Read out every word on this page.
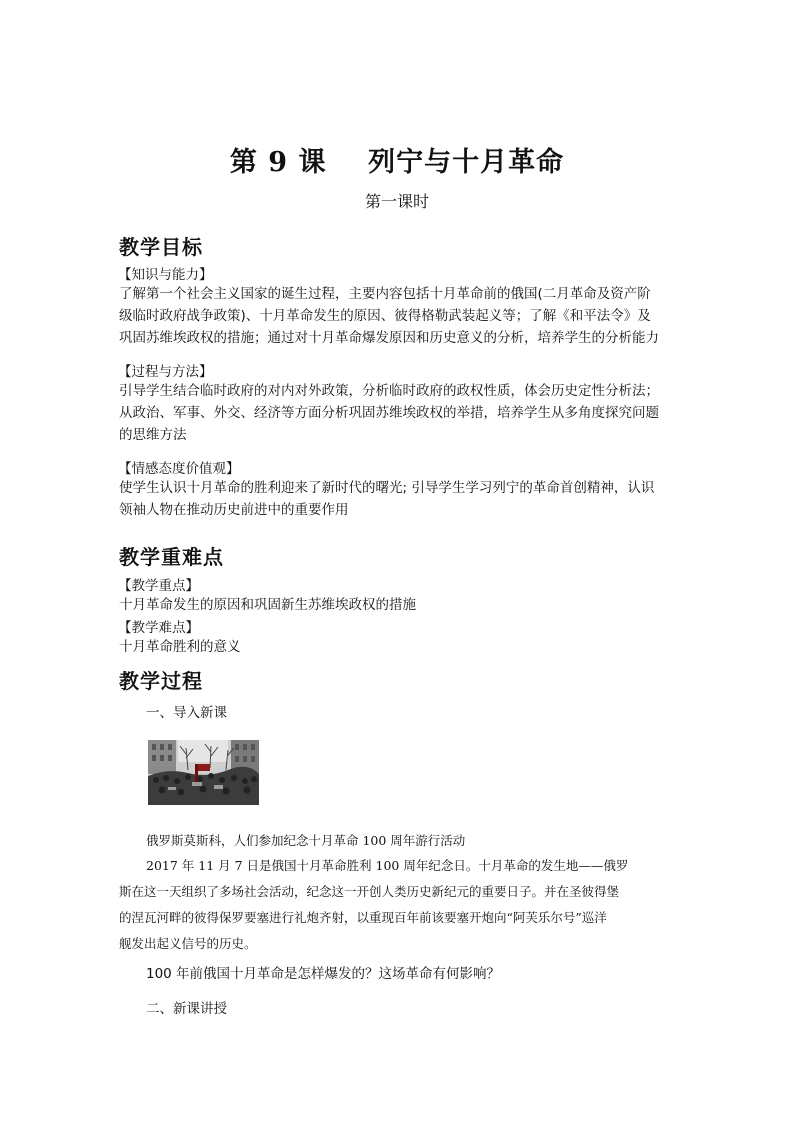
第 9 课    列宁与十月革命
第一课时
教学目标
【知识与能力】
了解第一个社会主义国家的诞生过程，主要内容包括十月革命前的俄国(二月革命及资产阶
级临时政府战争政策)、十月革命发生的原因、彼得格勒武装起义等；了解《和平法令》及
巩固苏维埃政权的措施；通过对十月革命爆发原因和历史意义的分析，培养学生的分析能力
【过程与方法】
引导学生结合临时政府的对内对外政策，分析临时政府的政权性质，体会历史定性分析法；
从政治、军事、外交、经济等方面分析巩固苏维埃政权的举措，培养学生从多角度探究问题
的思维方法
【情感态度价值观】
使学生认识十月革命的胜利迎来了新时代的曙光; 引导学生学习列宁的革命首创精神，认识
领袖人物在推动历史前进中的重要作用
教学重难点
【教学重点】
十月革命发生的原因和巩固新生苏维埃政权的措施
【教学难点】
十月革命胜利的意义
教学过程
一、导入新课
俄罗斯莫斯科，人们参加纪念十月革命 100 周年游行活动
2017 年 11 月 7 日是俄国十月革命胜利 100 周年纪念日。十月革命的发生地——俄罗
斯在这一天组织了多场社会活动，纪念这一开创人类历史新纪元的重要日子。并在圣彼得堡
的涅瓦河畔的彼得保罗要塞进行礼炮齐射，以重现百年前该要塞开炮向“阿芙乐尔号”巡洋
舰发出起义信号的历史。
100 年前俄国十月革命是怎样爆发的？这场革命有何影响？
二、新课讲授
